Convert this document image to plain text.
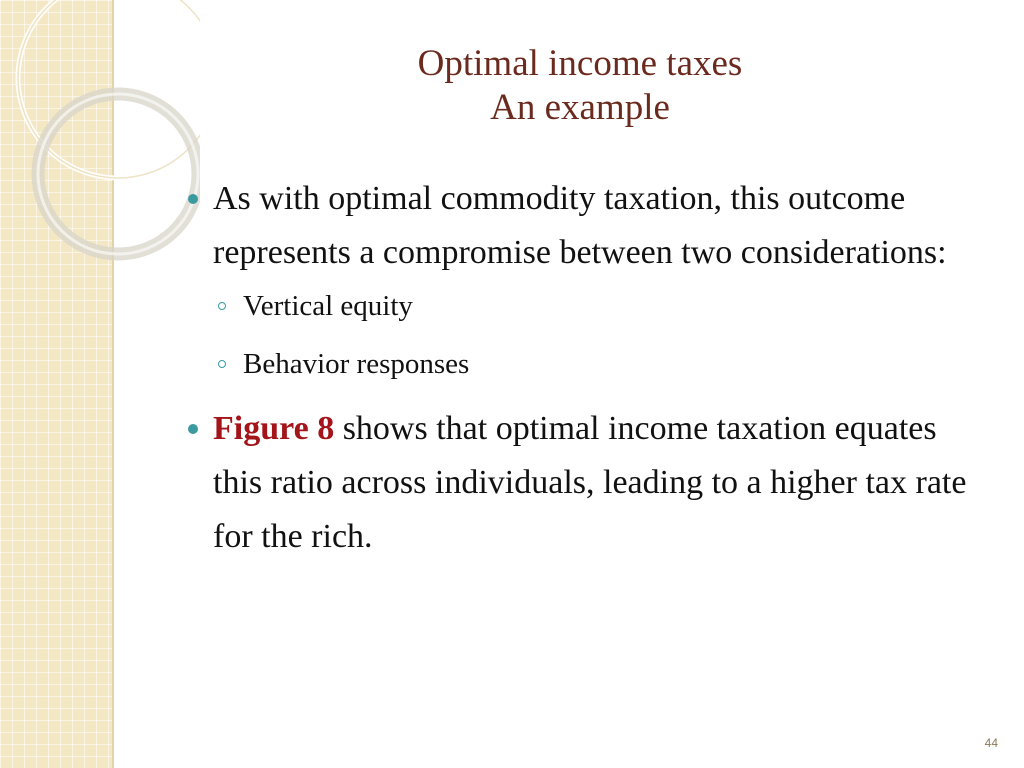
Optimal income taxes
An example

As with optimal commodity taxation, this outcome represents a compromise between two considerations:

Vertical equity

Behavior responses

Figure 8 shows that optimal income taxation equates this ratio across individuals, leading to a higher tax rate for the rich.

44
